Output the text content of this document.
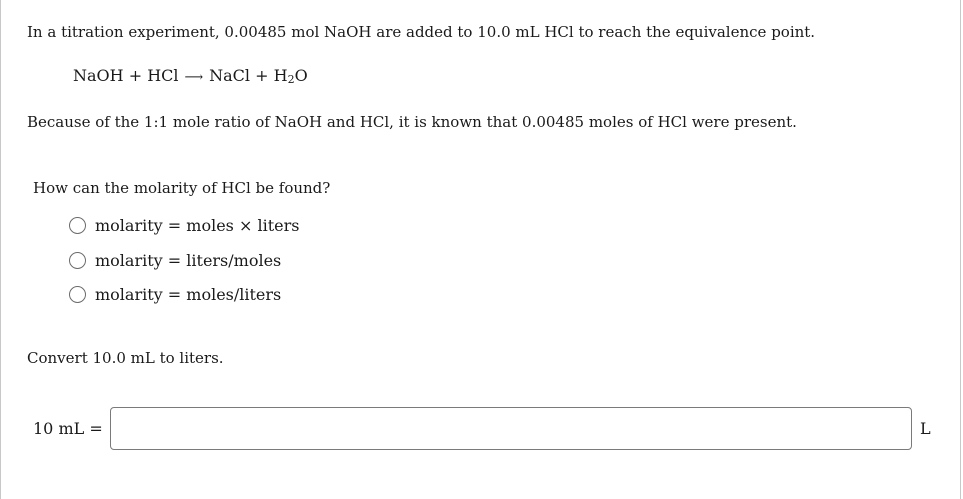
In a titration experiment, 0.00485 mol NaOH are added to 10.0 mL HCl to reach the equivalence point.
NaOH + HCl ⟶ NaCl + $H_2O$
Because of the 1:1 mole ratio of NaOH and HCl, it is known that 0.00485 moles of HCl were present.
How can the molarity of HCl be found?
molarity = moles × liters
molarity = liters/moles
molarity = moles/liters
Convert 10.0 mL to liters.
10 mL =	L
